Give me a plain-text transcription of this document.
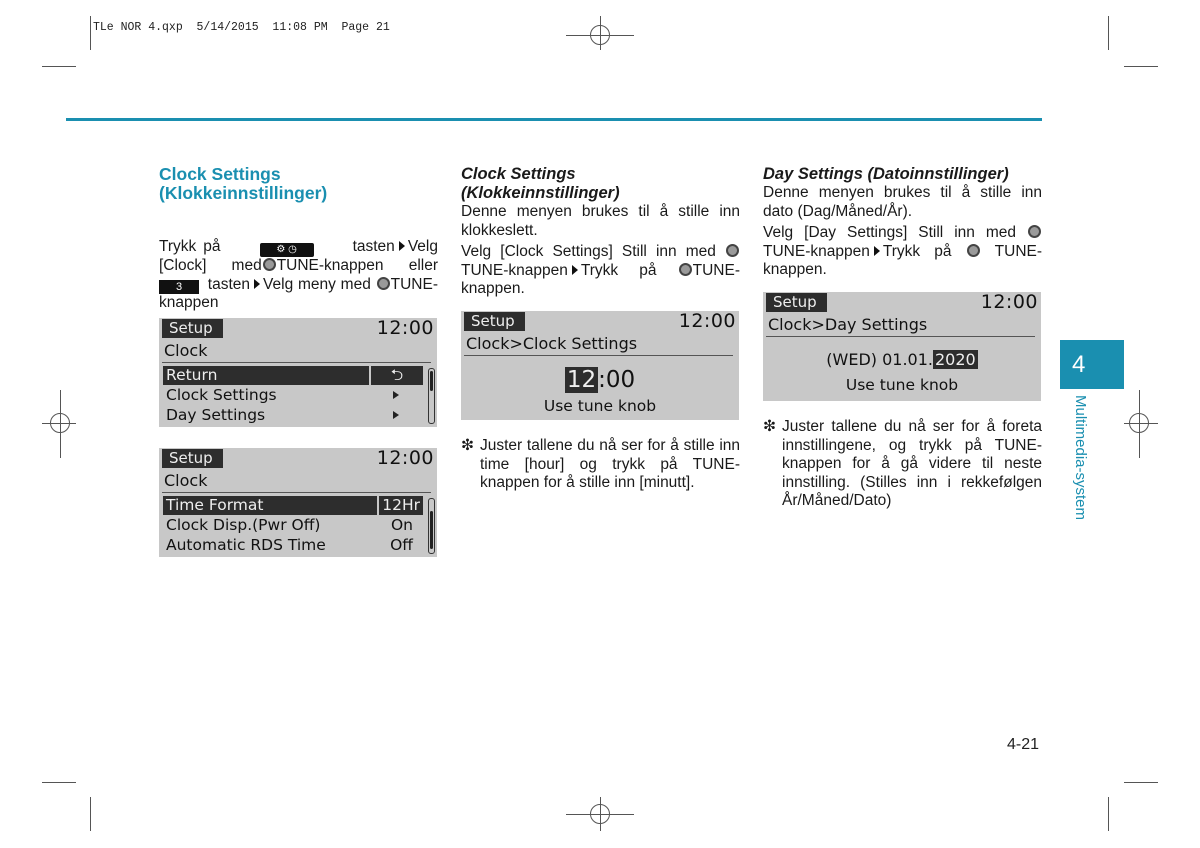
TLe NOR 4.qxp  5/14/2015  11:08 PM  Page 21
Clock Settings
(Klokkeinnstillinger)

Trykk på	⚙ ◷	tasten Velg [Clock] med TUNE-knappen eller 3 tasten Velg meny med TUNE-knappen

Setup	12:00
Clock
Return	⮌
Clock Settings
Day Settings
Setup	12:00
Clock
Time Format	12Hr
Clock Disp.(Pwr Off)	On
Automatic RDS Time	Off
Clock Settings
(Klokkeinnstillinger)

Denne menyen brukes til å stille inn klokkeslett.

Velg [Clock Settings] Still inn med  TUNE-knappen Trykk på TUNE-knappen.

Setup	12:00
Clock>Clock Settings
12:00
Use tune knob

❇ Juster tallene du nå ser for å stille inn time [hour] og trykk på TUNE-knappen for å stille inn [minutt].

Day Settings (Datoinnstillinger)

Denne menyen brukes til å stille inn dato (Dag/Måned/År).

Velg [Day Settings] Still inn med  TUNE-knappen Trykk på	TUNE-knappen.

Setup	12:00
Clock>Day Settings
(WED) 01.01. 2020
Use tune knob

❇ Juster tallene du nå ser for å foreta innstillingene, og trykk på TUNE-knappen for å gå videre til neste innstilling. (Stilles inn i rekkefølgen År/Måned/Dato)

4
Multimedia-system
4-21
